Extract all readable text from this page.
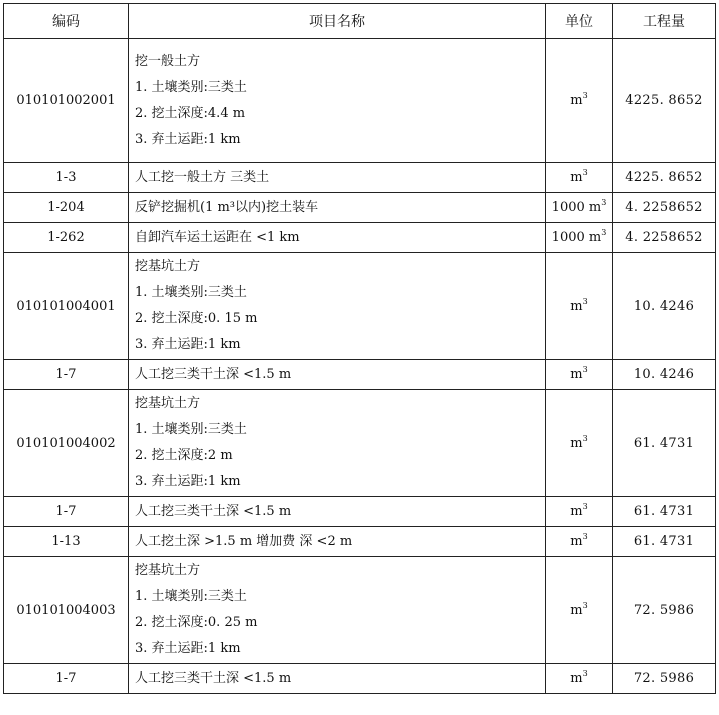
编码	项目名称	单位	工程量
010101002001	挖一般土方
1. 土壤类别:三类土
2. 挖土深度:4.4 m
3. 弃土运距:1 km	$m^3$	4225. 8652
1-3	人工挖一般土方 三类土	$m^3$	4225. 8652
1-204	反铲挖掘机(1 m³以内)挖土装车	1000 $m^3$	4. 2258652
1-262	自卸汽车运土运距在 <1 km	1000 $m^3$	4. 2258652
010101004001	挖基坑土方
1. 土壤类别:三类土
2. 挖土深度:0. 15 m
3. 弃土运距:1 km	$m^3$	10. 4246
1-7	人工挖三类干土深 <1.5 m	$m^3$	10. 4246
010101004002	挖基坑土方
1. 土壤类别:三类土
2. 挖土深度:2 m
3. 弃土运距:1 km	$m^3$	61. 4731
1-7	人工挖三类干土深 <1.5 m	$m^3$	61. 4731
1-13	人工挖土深 >1.5 m 增加费 深 <2 m	$m^3$	61. 4731
010101004003	挖基坑土方
1. 土壤类别:三类土
2. 挖土深度:0. 25 m
3. 弃土运距:1 km	$m^3$	72. 5986
1-7	人工挖三类干土深 <1.5 m	$m^3$	72. 5986
